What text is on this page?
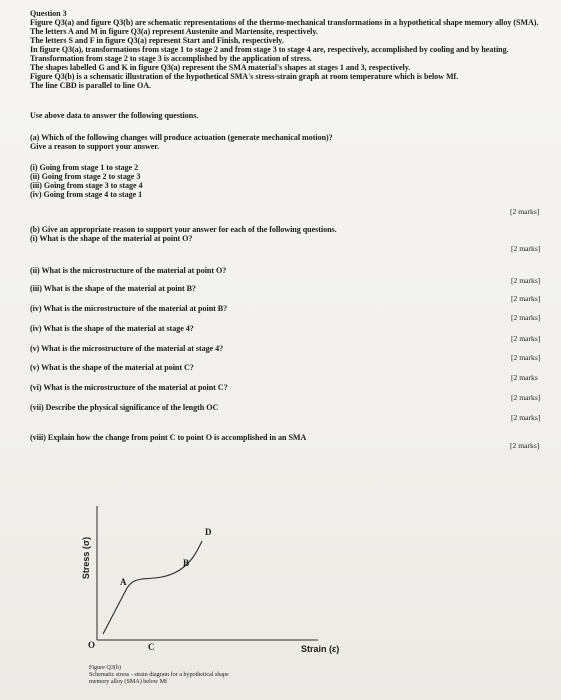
Question 3
Figure Q3(a) and figure Q3(b) are schematic representations of the thermo-mechanical transformations in a hypothetical shape memory alloy (SMA).
The letters A and M in figure Q3(a) represent Austenite and Martensite, respectively.
The letters S and F in figure Q3(a) represent Start and Finish, respectively.
In figure Q3(a), transformations from stage 1 to stage 2 and from stage 3 to stage 4 are, respectively, accomplished by cooling and by heating.
Transformation from stage 2 to stage 3 is accomplished by the application of stress.
The shapes labelled G and K in figure Q3(a) represent the SMA material's shapes at stages 1 and 3, respectively.
Figure Q3(b) is a schematic illustration of the hypothetical SMA's stress-strain graph at room temperature which is below Mf.
The line CBD is parallel to line OA.
Use above data to answer the following questions.
(a) Which of the following changes will produce actuation (generate mechanical motion)?
Give a reason to support your answer.
(i) Going from stage 1 to stage 2
(ii) Going from stage 2 to stage 3
(iii) Going from stage 3 to stage 4
(iv) Going from stage 4 to stage 1
[2 marks]
(b) Give an appropriate reason to support your answer for each of the following questions.
(i) What is the shape of the material at point O?
[2 marks]
(ii) What is the microstructure of the material at point O?
[2 marks]
(iii) What is the shape of the material at point B?
[2 marks]
(iv) What is the microstructure of the material at point B?
[2 marks]
(iv) What is the shape of the material at stage 4?
[2 marks]
(v) What is the microstructure of the material at stage 4?
[2 marks]
(v) What is the shape of the material at point C?
[2 marks
(vi) What is the microstructure of the material at point C?
[2 marks]
(vii) Describe the physical significance of the length OC
[2 marks]
(viii) Explain how the change from point C to point O is accomplished in an SMA
[2 marks]
Stress (σ)
Strain (ε)
O
A
B
C
D
Figure Q3(b)
Schematic stress - strain diagram for a hypothetical shape
memory alloy (SMA) below Mf
